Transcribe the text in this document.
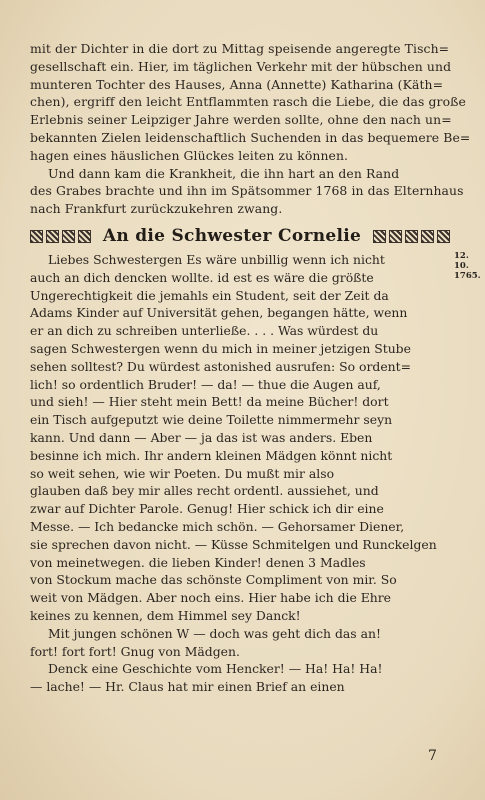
mit der Dichter in die dort zu Mittag speisende angeregte Tisch=
gesellschaft ein. Hier, im täglichen Verkehr mit der hübschen und
munteren Tochter des Hauses, Anna (Annette) Katharina (Käth=
chen), ergriff den leicht Entflammten rasch die Liebe, die das große
Erlebnis seiner Leipziger Jahre werden sollte, ohne den nach un=
bekannten Zielen leidenschaftlich Suchenden in das bequemere Be=
hagen eines häuslichen Glückes leiten zu können.
Und dann kam die Krankheit, die ihn hart an den Rand
des Grabes brachte und ihn im Spätsommer 1768 in das Elternhaus
nach Frankfurt zurückzukehren zwang.
An die Schwester Cornelie
12. 10.
1765.
Liebes Schwestergen Es wäre unbillig wenn ich nicht
auch an dich dencken wollte. id est es wäre die größte
Ungerechtigkeit die jemahls ein Student, seit der Zeit da
Adams Kinder auf Universität gehen, begangen hätte, wenn
er an dich zu schreiben unterließe. . . . Was würdest du
sagen Schwestergen wenn du mich in meiner jetzigen Stube
sehen solltest? Du würdest astonished ausrufen: So ordent=
lich! so ordentlich Bruder! — da! — thue die Augen auf,
und sieh! — Hier steht mein Bett! da meine Bücher! dort
ein Tisch aufgeputzt wie deine Toilette nimmermehr seyn
kann. Und dann — Aber — ja das ist was anders. Eben
besinne ich mich. Ihr andern kleinen Mädgen könnt nicht
so weit sehen, wie wir Poeten. Du mußt mir also
glauben daß bey mir alles recht ordentl. aussiehet, und
zwar auf Dichter Parole. Genug! Hier schick ich dir eine
Messe. — Ich bedancke mich schön. — Gehorsamer Diener,
sie sprechen davon nicht. — Küsse Schmitelgen und Runckelgen
von meinetwegen. die lieben Kinder! denen 3 Madles
von Stockum mache das schönste Compliment von mir. So
weit von Mädgen. Aber noch eins. Hier habe ich die Ehre
keines zu kennen, dem Himmel sey Danck!
Mit jungen schönen W — doch was geht dich das an!
fort! fort fort! Gnug von Mädgen.
Denck eine Geschichte vom Hencker! — Ha! Ha! Ha!
— lache! — Hr. Claus hat mir einen Brief an einen
7
